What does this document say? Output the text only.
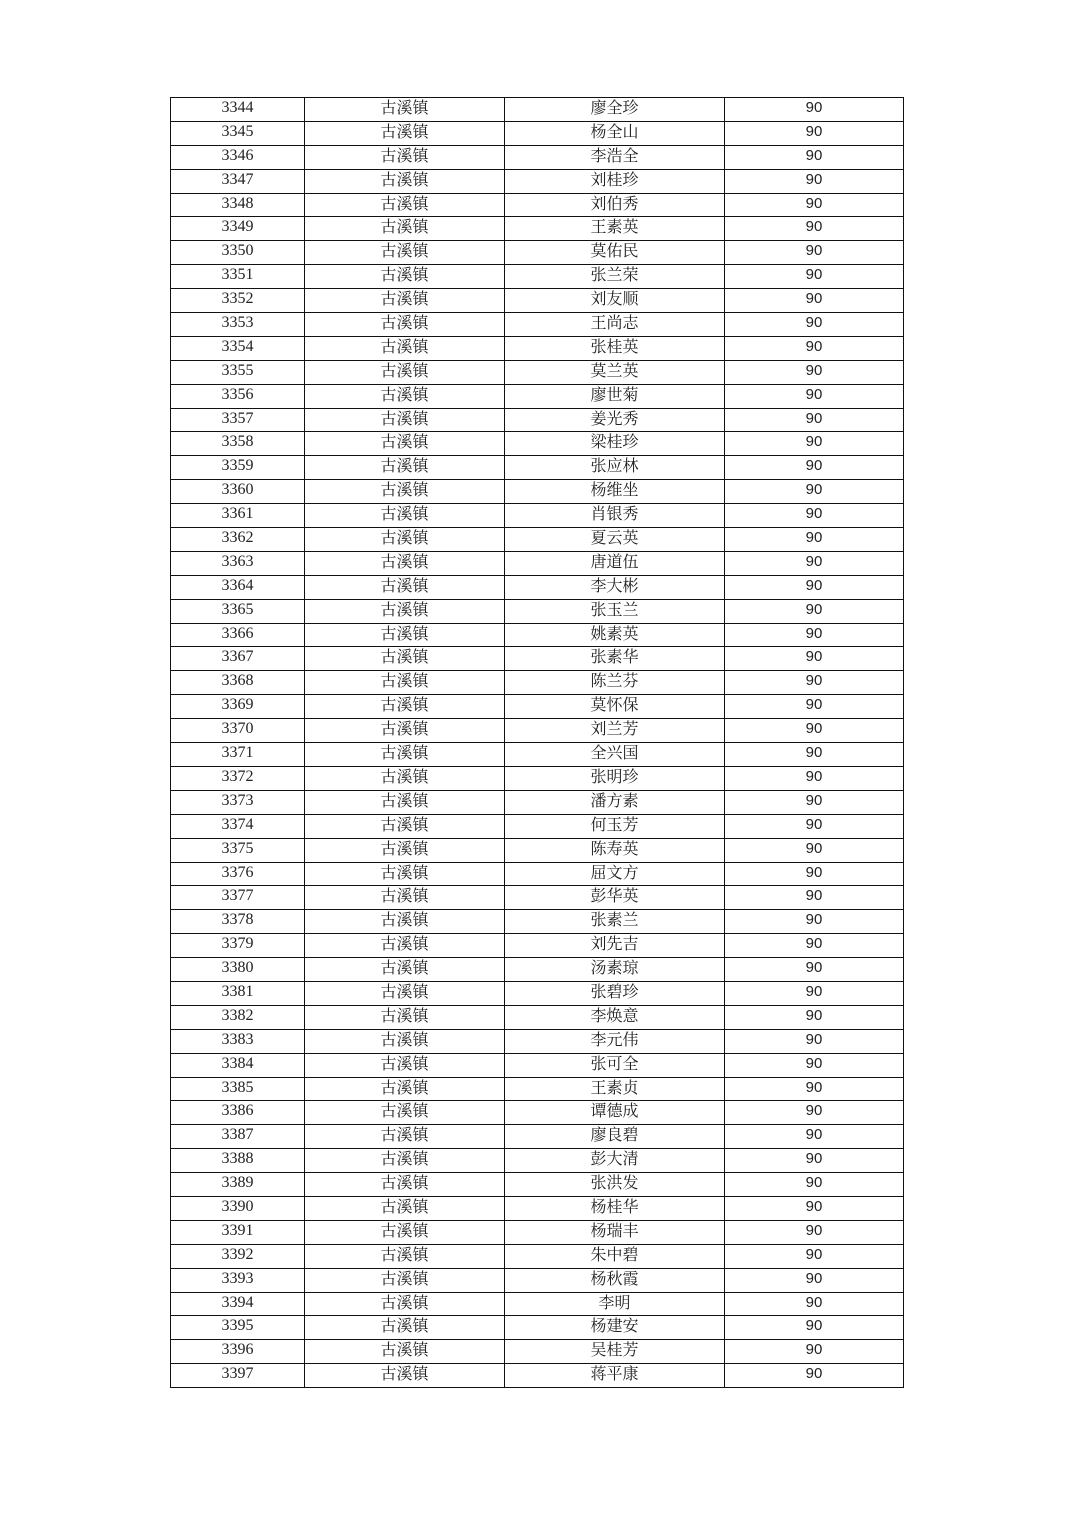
3344	古溪镇	廖全珍	90
3345	古溪镇	杨全山	90
3346	古溪镇	李浩全	90
3347	古溪镇	刘桂珍	90
3348	古溪镇	刘伯秀	90
3349	古溪镇	王素英	90
3350	古溪镇	莫佑民	90
3351	古溪镇	张兰荣	90
3352	古溪镇	刘友顺	90
3353	古溪镇	王尚志	90
3354	古溪镇	张桂英	90
3355	古溪镇	莫兰英	90
3356	古溪镇	廖世菊	90
3357	古溪镇	姜光秀	90
3358	古溪镇	梁桂珍	90
3359	古溪镇	张应林	90
3360	古溪镇	杨维坐	90
3361	古溪镇	肖银秀	90
3362	古溪镇	夏云英	90
3363	古溪镇	唐道伍	90
3364	古溪镇	李大彬	90
3365	古溪镇	张玉兰	90
3366	古溪镇	姚素英	90
3367	古溪镇	张素华	90
3368	古溪镇	陈兰芬	90
3369	古溪镇	莫怀保	90
3370	古溪镇	刘兰芳	90
3371	古溪镇	全兴国	90
3372	古溪镇	张明珍	90
3373	古溪镇	潘方素	90
3374	古溪镇	何玉芳	90
3375	古溪镇	陈寿英	90
3376	古溪镇	屈文方	90
3377	古溪镇	彭华英	90
3378	古溪镇	张素兰	90
3379	古溪镇	刘先吉	90
3380	古溪镇	汤素琼	90
3381	古溪镇	张碧珍	90
3382	古溪镇	李焕意	90
3383	古溪镇	李元伟	90
3384	古溪镇	张可全	90
3385	古溪镇	王素贞	90
3386	古溪镇	谭德成	90
3387	古溪镇	廖良碧	90
3388	古溪镇	彭大清	90
3389	古溪镇	张洪发	90
3390	古溪镇	杨桂华	90
3391	古溪镇	杨瑞丰	90
3392	古溪镇	朱中碧	90
3393	古溪镇	杨秋霞	90
3394	古溪镇	李明	90
3395	古溪镇	杨建安	90
3396	古溪镇	吴桂芳	90
3397	古溪镇	蒋平康	90
